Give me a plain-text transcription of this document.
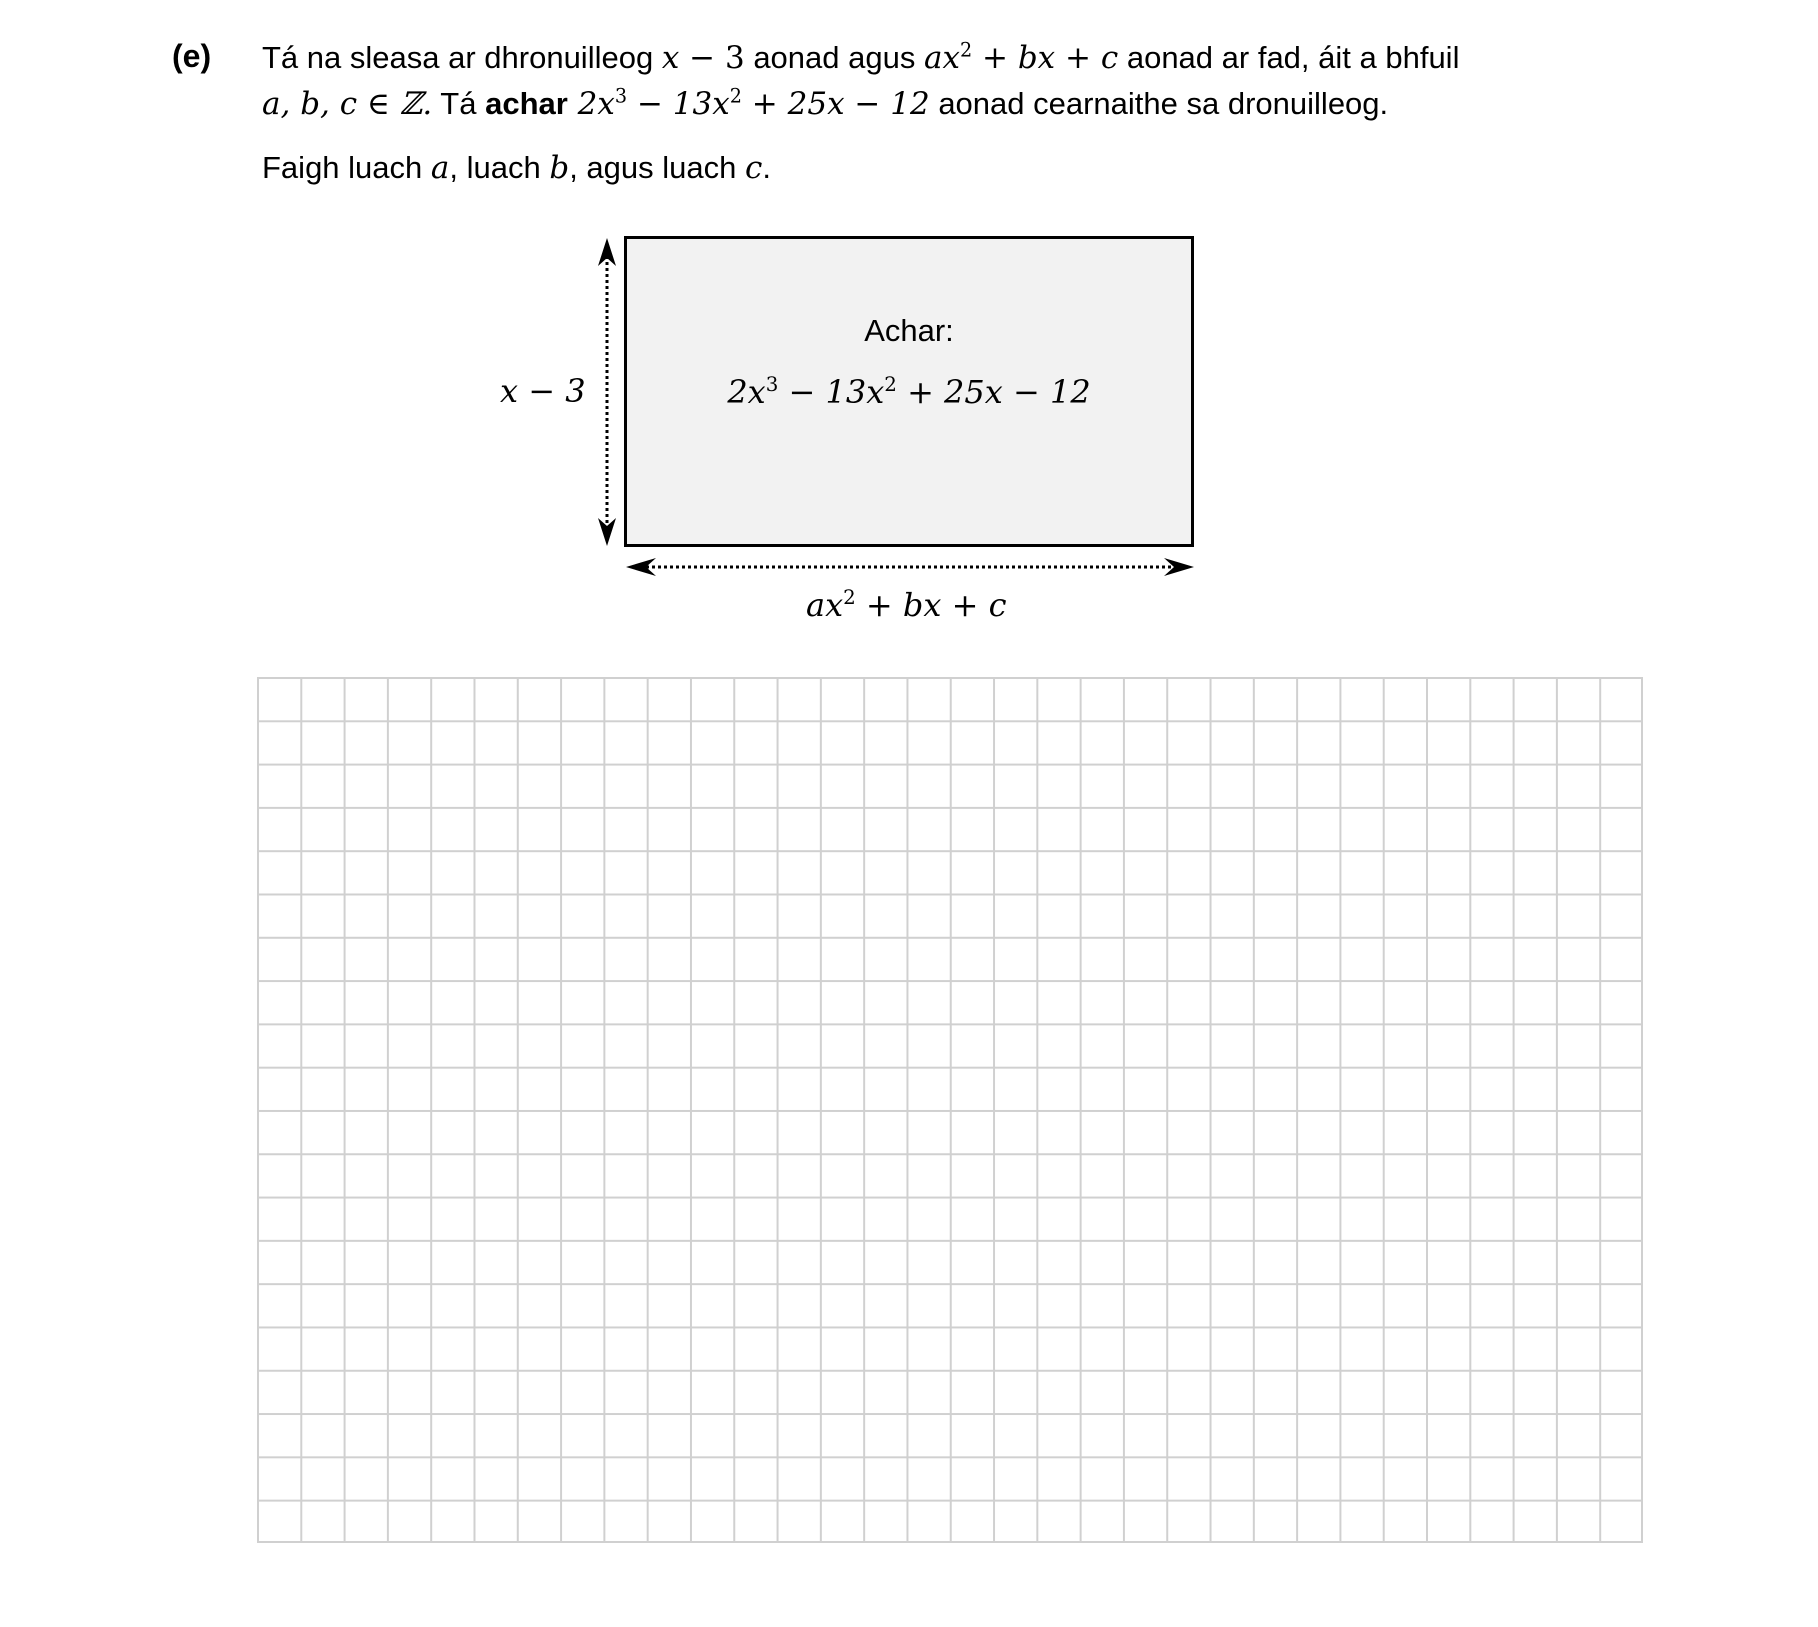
(e) Tá na sleasa ar dhronuilleog x − 3 aonad agus $ax^2$ + bx + c aonad ar fad, áit a bhfuil
a, b, c ∈ ℤ. Tá achar $2x^3 - 13x^2 + 25x - 12$ aonad cearnaithe sa dronuilleog.
Faigh luach a, luach b, agus luach c.
Achar:
$2x^3 - 13x^2 + 25x - 12$
x − 3
$ax^2$ + bx + c
